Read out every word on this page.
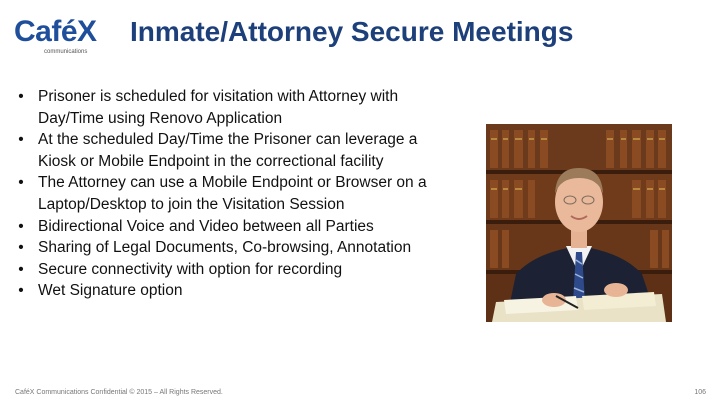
CaféX
communications
Inmate/Attorney Secure Meetings
• Prisoner is scheduled for visitation with Attorney with Day/Time using Renovo Application
• At the scheduled Day/Time the Prisoner can leverage a Kiosk or Mobile Endpoint in the correctional facility
• The Attorney can use a Mobile Endpoint or Browser on a Laptop/Desktop to join the Visitation Session
• Bidirectional Voice and Video between all Parties
• Sharing of Legal Documents, Co-browsing, Annotation
• Secure connectivity with option for recording
• Wet Signature option
CaféX Communications Confidential © 2015 – All Rights Reserved.	106
